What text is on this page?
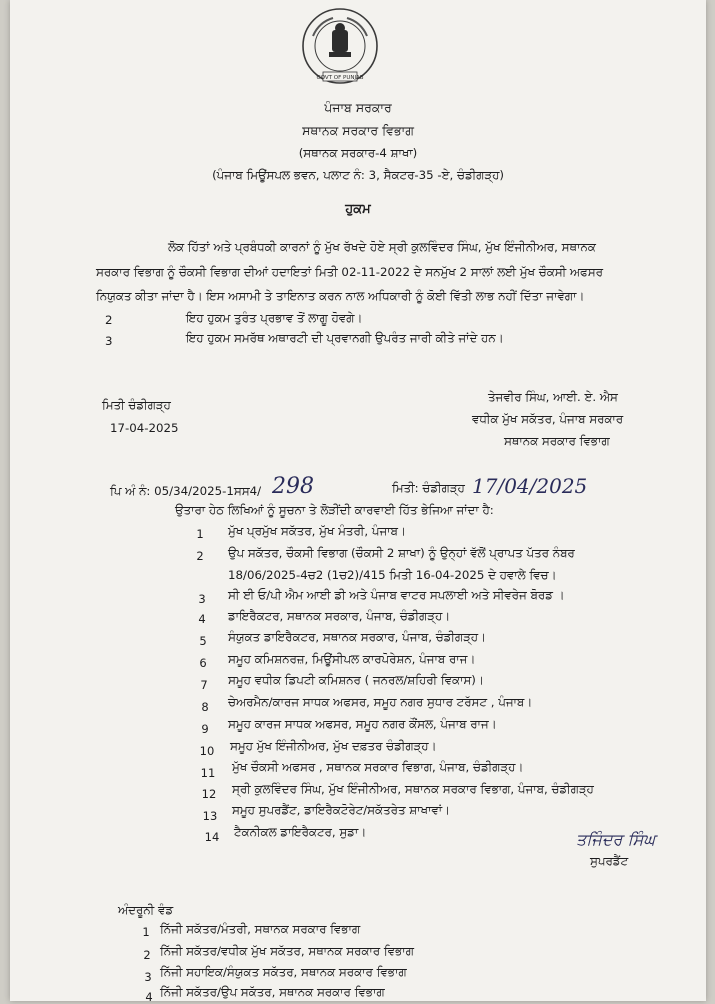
GOVT OF PUNJAB
ਪੰਜਾਬ ਸਰਕਾਰ
ਸਥਾਨਕ ਸਰਕਾਰ ਵਿਭਾਗ
(ਸਥਾਨਕ ਸਰਕਾਰ-4 ਸ਼ਾਖਾ)
(ਪੰਜਾਬ ਮਿਊਂਸਪਲ ਭਵਨ, ਪਲਾਟ ਨੰ: 3, ਸੈਕਟਰ-35 -ਏ, ਚੰਡੀਗੜ੍ਹ)
ਹੁਕਮ
ਲੋਕ ਹਿੱਤਾਂ ਅਤੇ ਪ੍ਰਬੰਧਕੀ ਕਾਰਨਾਂ ਨੂੰ ਮੁੱਖ ਰੱਖਦੇ ਹੋਏ ਸ੍ਰੀ ਕੁਲਵਿੰਦਰ ਸਿੰਘ, ਮੁੱਖ ਇੰਜੀਨੀਅਰ, ਸਥਾਨਕ
ਸਰਕਾਰ ਵਿਭਾਗ ਨੂੰ ਚੌਕਸੀ ਵਿਭਾਗ ਦੀਆਂ ਹਦਾਇਤਾਂ ਮਿਤੀ 02-11-2022 ਦੇ ਸਨਮੁੱਖ 2 ਸਾਲਾਂ ਲਈ ਮੁੱਖ ਚੌਕਸੀ ਅਫਸਰ
ਨਿਯੁਕਤ ਕੀਤਾ ਜਾਂਦਾ ਹੈ। ਇਸ ਅਸਾਮੀ ਤੇ ਤਾਇਨਾਤ ਕਰਨ ਨਾਲ ਅਧਿਕਾਰੀ ਨੂੰ ਕੋਈ ਵਿੱਤੀ ਲਾਭ ਨਹੀਂ ਦਿੱਤਾ ਜਾਵੇਗਾ।
2	ਇਹ ਹੁਕਮ ਤੁਰੰਤ ਪ੍ਰਭਾਵ ਤੋਂ ਲਾਗੂ ਹੋਵਗੇ।
3	ਇਹ ਹੁਕਮ ਸਮਰੱਥ ਅਥਾਰਟੀ ਦੀ ਪ੍ਰਵਾਨਗੀ ਉਪਰੰਤ ਜਾਰੀ ਕੀਤੇ ਜਾਂਦੇ ਹਨ।
ਮਿਤੀ ਚੰਡੀਗੜ੍ਹ
17-04-2025
ਤੇਜਵੀਰ ਸਿੰਘ, ਆਈ. ਏ. ਐਸ
ਵਧੀਕ ਮੁੱਖ ਸਕੱਤਰ, ਪੰਜਾਬ ਸਰਕਾਰ
ਸਥਾਨਕ ਸਰਕਾਰ ਵਿਭਾਗ
ਪਿ ਅੰ ਨੰ: 05/34/2025-1ਸਸ4/ 298	ਮਿਤੀ: ਚੰਡੀਗੜ੍ਹ 17/04/2025
ਉਤਾਰਾ ਹੇਠ ਲਿਖਿਆਂ ਨੂੰ ਸੂਚਨਾ ਤੇ ਲੋੜੀਂਦੀ ਕਾਰਵਾਈ ਹਿੱਤ ਭੇਜਿਆ ਜਾਂਦਾ ਹੈ:
1	ਮੁੱਖ ਪ੍ਰਮੁੱਖ ਸਕੱਤਰ, ਮੁੱਖ ਮੰਤਰੀ, ਪੰਜਾਬ।
2	ਉਪ ਸਕੱਤਰ, ਚੌਕਸੀ ਵਿਭਾਗ (ਚੌਕਸੀ 2 ਸ਼ਾਖਾ) ਨੂੰ ਉਨ੍ਹਾਂ ਵੱਲੋਂ ਪ੍ਰਾਪਤ ਪੱਤਰ ਨੰਬਰ
18/06/2025-4ਚ2 (1ਚ2)/415 ਮਿਤੀ 16-04-2025 ਦੇ ਹਵਾਲੇ ਵਿਚ।
3	ਸੀ ਈ ਓ/ਪੀ ਐਮ ਆਈ ਡੀ ਅਤੇ ਪੰਜਾਬ ਵਾਟਰ ਸਪਲਾਈ ਅਤੇ ਸੀਵਰੇਜ ਬੋਰਡ ।
4	ਡਾਇਰੈਕਟਰ, ਸਥਾਨਕ ਸਰਕਾਰ, ਪੰਜਾਬ, ਚੰਡੀਗੜ੍ਹ।
5	ਸੰਯੁਕਤ ਡਾਇਰੈਕਟਰ, ਸਥਾਨਕ ਸਰਕਾਰ, ਪੰਜਾਬ, ਚੰਡੀਗੜ੍ਹ।
6	ਸਮੂਹ ਕਮਿਸ਼ਨਰਜ਼, ਮਿਊਂਸੀਪਲ ਕਾਰਪੋਰੇਸ਼ਨ, ਪੰਜਾਬ ਰਾਜ।
7	ਸਮੂਹ ਵਧੀਕ ਡਿਪਟੀ ਕਮਿਸ਼ਨਰ ( ਜਨਰਲ/ਸ਼ਹਿਰੀ ਵਿਕਾਸ)।
8	ਚੇਅਰਮੈਨ/ਕਾਰਜ ਸਾਧਕ ਅਫਸਰ, ਸਮੂਹ ਨਗਰ ਸੁਧਾਰ ਟਰੱਸਟ , ਪੰਜਾਬ।
9	ਸਮੂਹ ਕਾਰਜ ਸਾਧਕ ਅਫਸਰ, ਸਮੂਹ ਨਗਰ ਕੌਂਸਲ, ਪੰਜਾਬ ਰਾਜ।
10	ਸਮੂਹ ਮੁੱਖ ਇੰਜੀਨੀਅਰ, ਮੁੱਖ ਦਫ਼ਤਰ ਚੰਡੀਗੜ੍ਹ।
11	ਮੁੱਖ ਚੌਕਸੀ ਅਫਸਰ , ਸਥਾਨਕ ਸਰਕਾਰ ਵਿਭਾਗ, ਪੰਜਾਬ, ਚੰਡੀਗੜ੍ਹ।
12	ਸ੍ਰੀ ਕੁਲਵਿੰਦਰ ਸਿੰਘ, ਮੁੱਖ ਇੰਜੀਨੀਅਰ, ਸਥਾਨਕ ਸਰਕਾਰ ਵਿਭਾਗ, ਪੰਜਾਬ, ਚੰਡੀਗੜ੍ਹ
13	ਸਮੂਹ ਸੁਪਰਡੈਂਟ, ਡਾਇਰੈਕਟੋਰੇਟ/ਸਕੱਤਰੇਤ ਸ਼ਾਖਾਵਾਂ।
14	ਟੈਕਨੀਕਲ ਡਾਇਰੈਕਟਰ, ਸੁਡਾ।	ਤਜਿੰਦਰ ਸਿੰਘ
ਸੁਪਰਡੈਂਟ
ਅੰਦਰੂਨੀ ਵੰਡ
1 ਨਿੱਜੀ ਸਕੱਤਰ/ਮੰਤਰੀ, ਸਥਾਨਕ ਸਰਕਾਰ ਵਿਭਾਗ
2 ਨਿੱਜੀ ਸਕੱਤਰ/ਵਧੀਕ ਮੁੱਖ ਸਕੱਤਰ, ਸਥਾਨਕ ਸਰਕਾਰ ਵਿਭਾਗ
3 ਨਿੱਜੀ ਸਹਾਇਕ/ਸੰਯੁਕਤ ਸਕੱਤਰ, ਸਥਾਨਕ ਸਰਕਾਰ ਵਿਭਾਗ
4 ਨਿੱਜੀ ਸਕੱਤਰ/ਉਪ ਸਕੱਤਰ, ਸਥਾਨਕ ਸਰਕਾਰ ਵਿਭਾਗ
